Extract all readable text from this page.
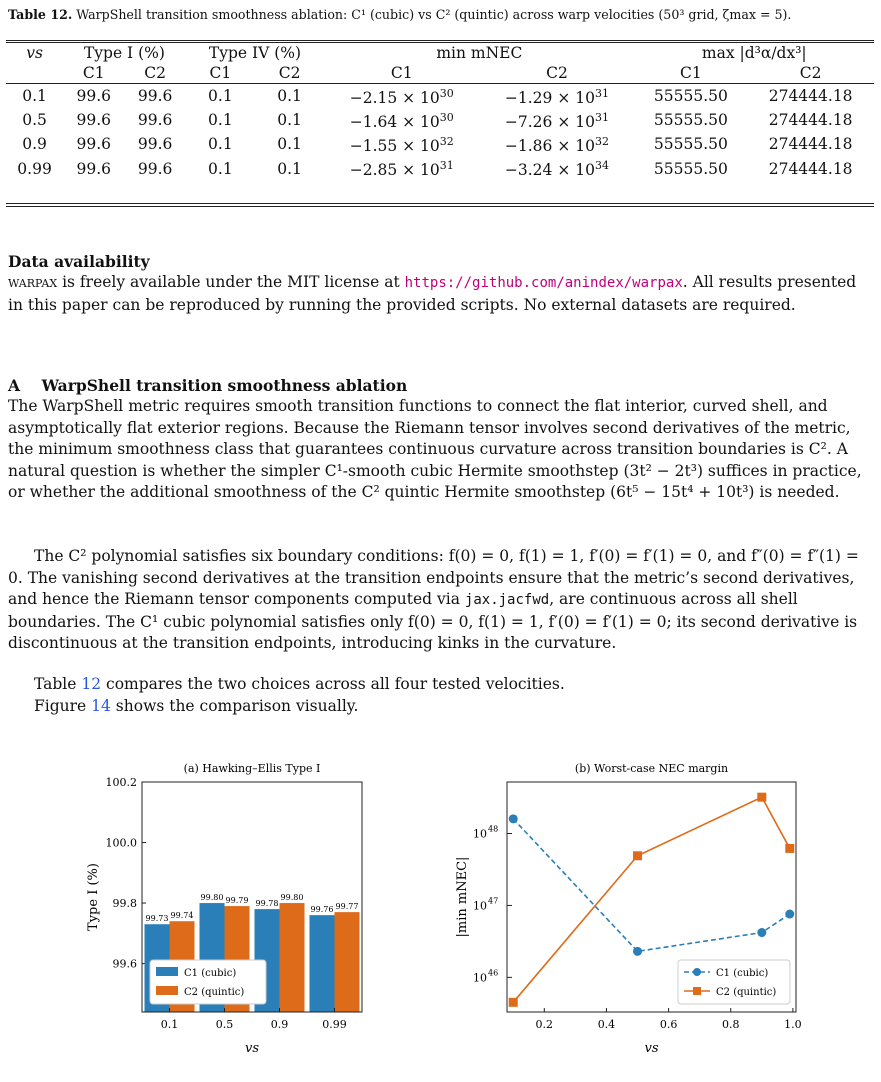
Table 12. WarpShell transition smoothness ablation: C¹ (cubic) vs C² (quintic) across warp velocities (50³ grid, ζmax = 5).
vs	Type I (%)		Type IV (%)		min mNEC		max |d³α/dx³|	
	C1	C2	C1	C2	C1	C2	C1	C2
0.1	99.6	99.6	0.1	0.1	$-2.15 \times 10^{30}$	$-1.29 \times 10^{31}$	55555.50	274444.18
0.5	99.6	99.6	0.1	0.1	$-1.64 \times 10^{30}$	$-7.26 \times 10^{31}$	55555.50	274444.18
0.9	99.6	99.6	0.1	0.1	$-1.55 \times 10^{32}$	$-1.86 \times 10^{32}$	55555.50	274444.18
0.99	99.6	99.6	0.1	0.1	$-2.85 \times 10^{31}$	$-3.24 \times 10^{34}$	55555.50	274444.18
Data availability
warpax is freely available under the MIT license at https://github.com/anindex/warpax. All results presented in this paper can be reproduced by running the provided scripts. No external datasets are required.
A WarpShell transition smoothness ablation
The WarpShell metric requires smooth transition functions to connect the flat interior, curved shell, and asymptotically flat exterior regions. Because the Riemann tensor involves second derivatives of the metric, the minimum smoothness class that guarantees continuous curvature across transition boundaries is C². A natural question is whether the simpler C¹-smooth cubic Hermite smoothstep (3t² − 2t³) suffices in practice, or whether the additional smoothness of the C² quintic Hermite smoothstep (6t⁵ − 15t⁴ + 10t³) is needed.
The C² polynomial satisfies six boundary conditions: f(0) = 0, f(1) = 1, f′(0) = f′(1) = 0, and f″(0) = f″(1) = 0. The vanishing second derivatives at the transition endpoints ensure that the metric’s second derivatives, and hence the Riemann tensor components computed via jax.jacfwd, are continuous across all shell boundaries. The C¹ cubic polynomial satisfies only f(0) = 0, f(1) = 1, f′(0) = f′(1) = 0; its second derivative is discontinuous at the transition endpoints, introducing kinks in the curvature.
Table 12 compares the two choices across all four tested velocities.
Figure 14 shows the comparison visually.
(a) Hawking–Ellis Type I
100.2
100.0
99.8
99.6
99.73 99.74
0.1
99.80 99.79
0.5
99.78
99.80
0.9
99.76 99.77
0.99
vs
Type I (%)
C1 (cubic)
C2 (quintic)
(b) Worst-case NEC margin
0.2	0.4	0.6	0.8	1.0
10 48
10 47
10 46
vs
|min mNEC|
C1 (cubic)
C2 (quintic)
